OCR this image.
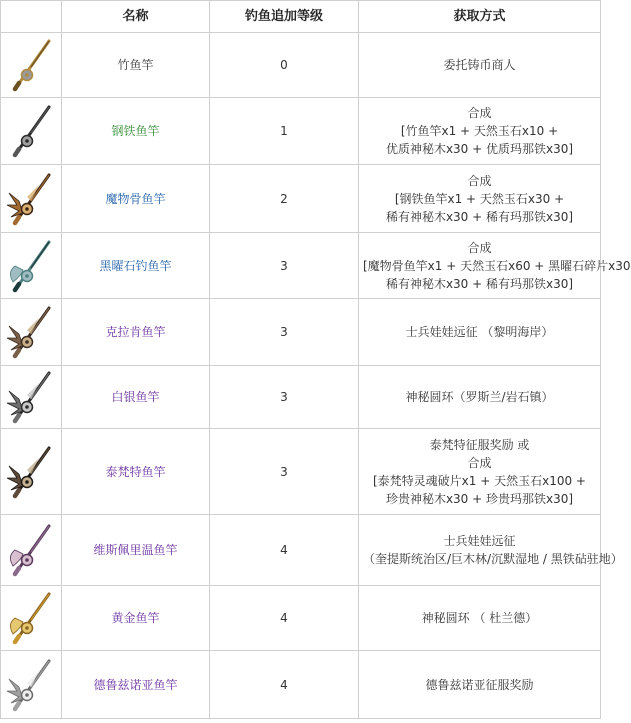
	名称	钓鱼追加等级	获取方式

	竹鱼竿	0	委托铸币商人

	钢铁鱼竿	1	合成
[竹鱼竿x1 + 天然玉石x10 +
优质神秘木x30 + 优质玛那铁x30]

	魔物骨鱼竿	2	合成
[钢铁鱼竿x1 + 天然玉石x30 +
稀有神秘木x30 + 稀有玛那铁x30]

	黑曜石钓鱼竿	3	合成
[魔物骨鱼竿x1 + 天然玉石x60 + 黑曜石碎片x30
稀有神秘木x30 + 稀有玛那铁x30]

	克拉肯鱼竿	3	士兵娃娃远征 （黎明海岸）

	白银鱼竿	3	神秘圆环（罗斯兰/岩石镇）

	泰梵特鱼竿	3	泰梵特征服奖励 或
合成
[泰梵特灵魂破片x1 + 天然玉石x100 +
珍贵神秘木x30 + 珍贵玛那铁x30]

	维斯佩里温鱼竿	4	士兵娃娃远征
（奎提斯统治区/巨木林/沉默湿地 / 黑铁砧驻地）

	黄金鱼竿	4	神秘圆环 （ 杜兰德）

	德鲁兹诺亚鱼竿	4	德鲁兹诺亚征服奖励
